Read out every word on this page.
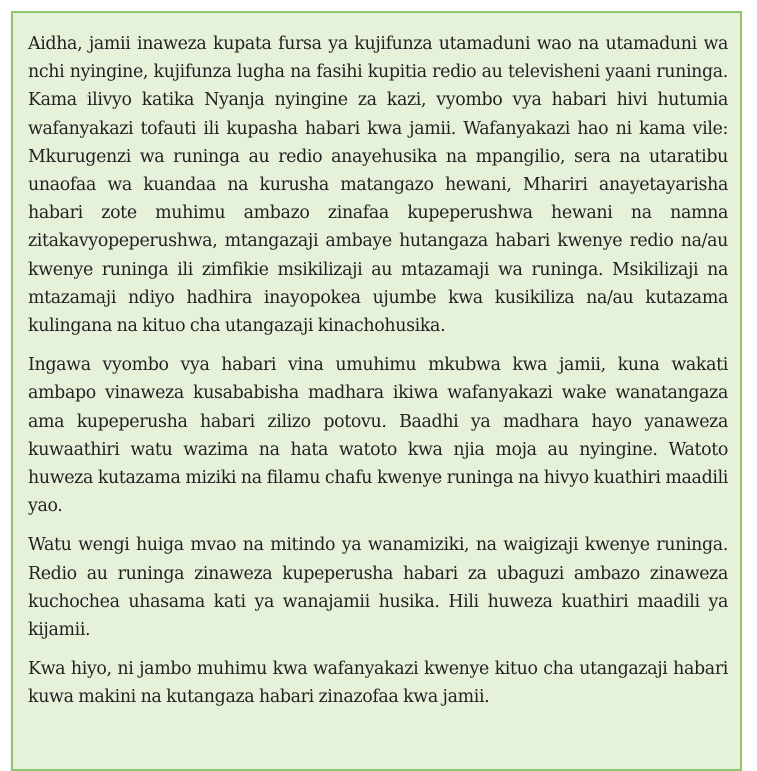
Aidha, jamii inaweza kupata fursa ya kujifunza utamaduni wao na utamaduni wa nchi nyingine, kujifunza lugha na fasihi kupitia redio au televisheni yaani runinga. Kama ilivyo katika Nyanja nyingine za kazi, vyombo vya habari hivi hutumia wafanyakazi tofauti ili kupasha habari kwa jamii. Wafanyakazi hao ni kama vile: Mkurugenzi wa runinga au redio anayehusika na mpangilio, sera na utaratibu unaofaa wa kuandaa na kurusha matangazo hewani, Mhariri anayetayarisha habari zote muhimu ambazo zinafaa kupeperushwa hewani na namna zitakavyopeperushwa, mtangazaji ambaye hutangaza habari kwenye redio na/au kwenye runinga ili zimfikie msikilizaji au mtazamaji wa runinga. Msikilizaji na mtazamaji ndiyo hadhira inayopokea ujumbe kwa kusikiliza na/au kutazama kulingana na kituo cha utangazaji kinachohusika.

Ingawa vyombo vya habari vina umuhimu mkubwa kwa jamii, kuna wakati ambapo vinaweza kusababisha madhara ikiwa wafanyakazi wake wanatangaza ama kupeperusha habari zilizo potovu. Baadhi ya madhara hayo yanaweza kuwaathiri watu wazima na hata watoto kwa njia moja au nyingine. Watoto huweza kutazama miziki na filamu chafu kwenye runinga na hivyo kuathiri maadili yao.

Watu wengi huiga mvao na mitindo ya wanamiziki, na waigizaji kwenye runinga. Redio au runinga zinaweza kupeperusha habari za ubaguzi ambazo zinaweza kuchochea uhasama kati ya wanajamii husika. Hili huweza kuathiri maadili ya kijamii.

Kwa hiyo, ni jambo muhimu kwa wafanyakazi kwenye kituo cha utangazaji habari kuwa makini na kutangaza habari zinazofaa kwa jamii.
